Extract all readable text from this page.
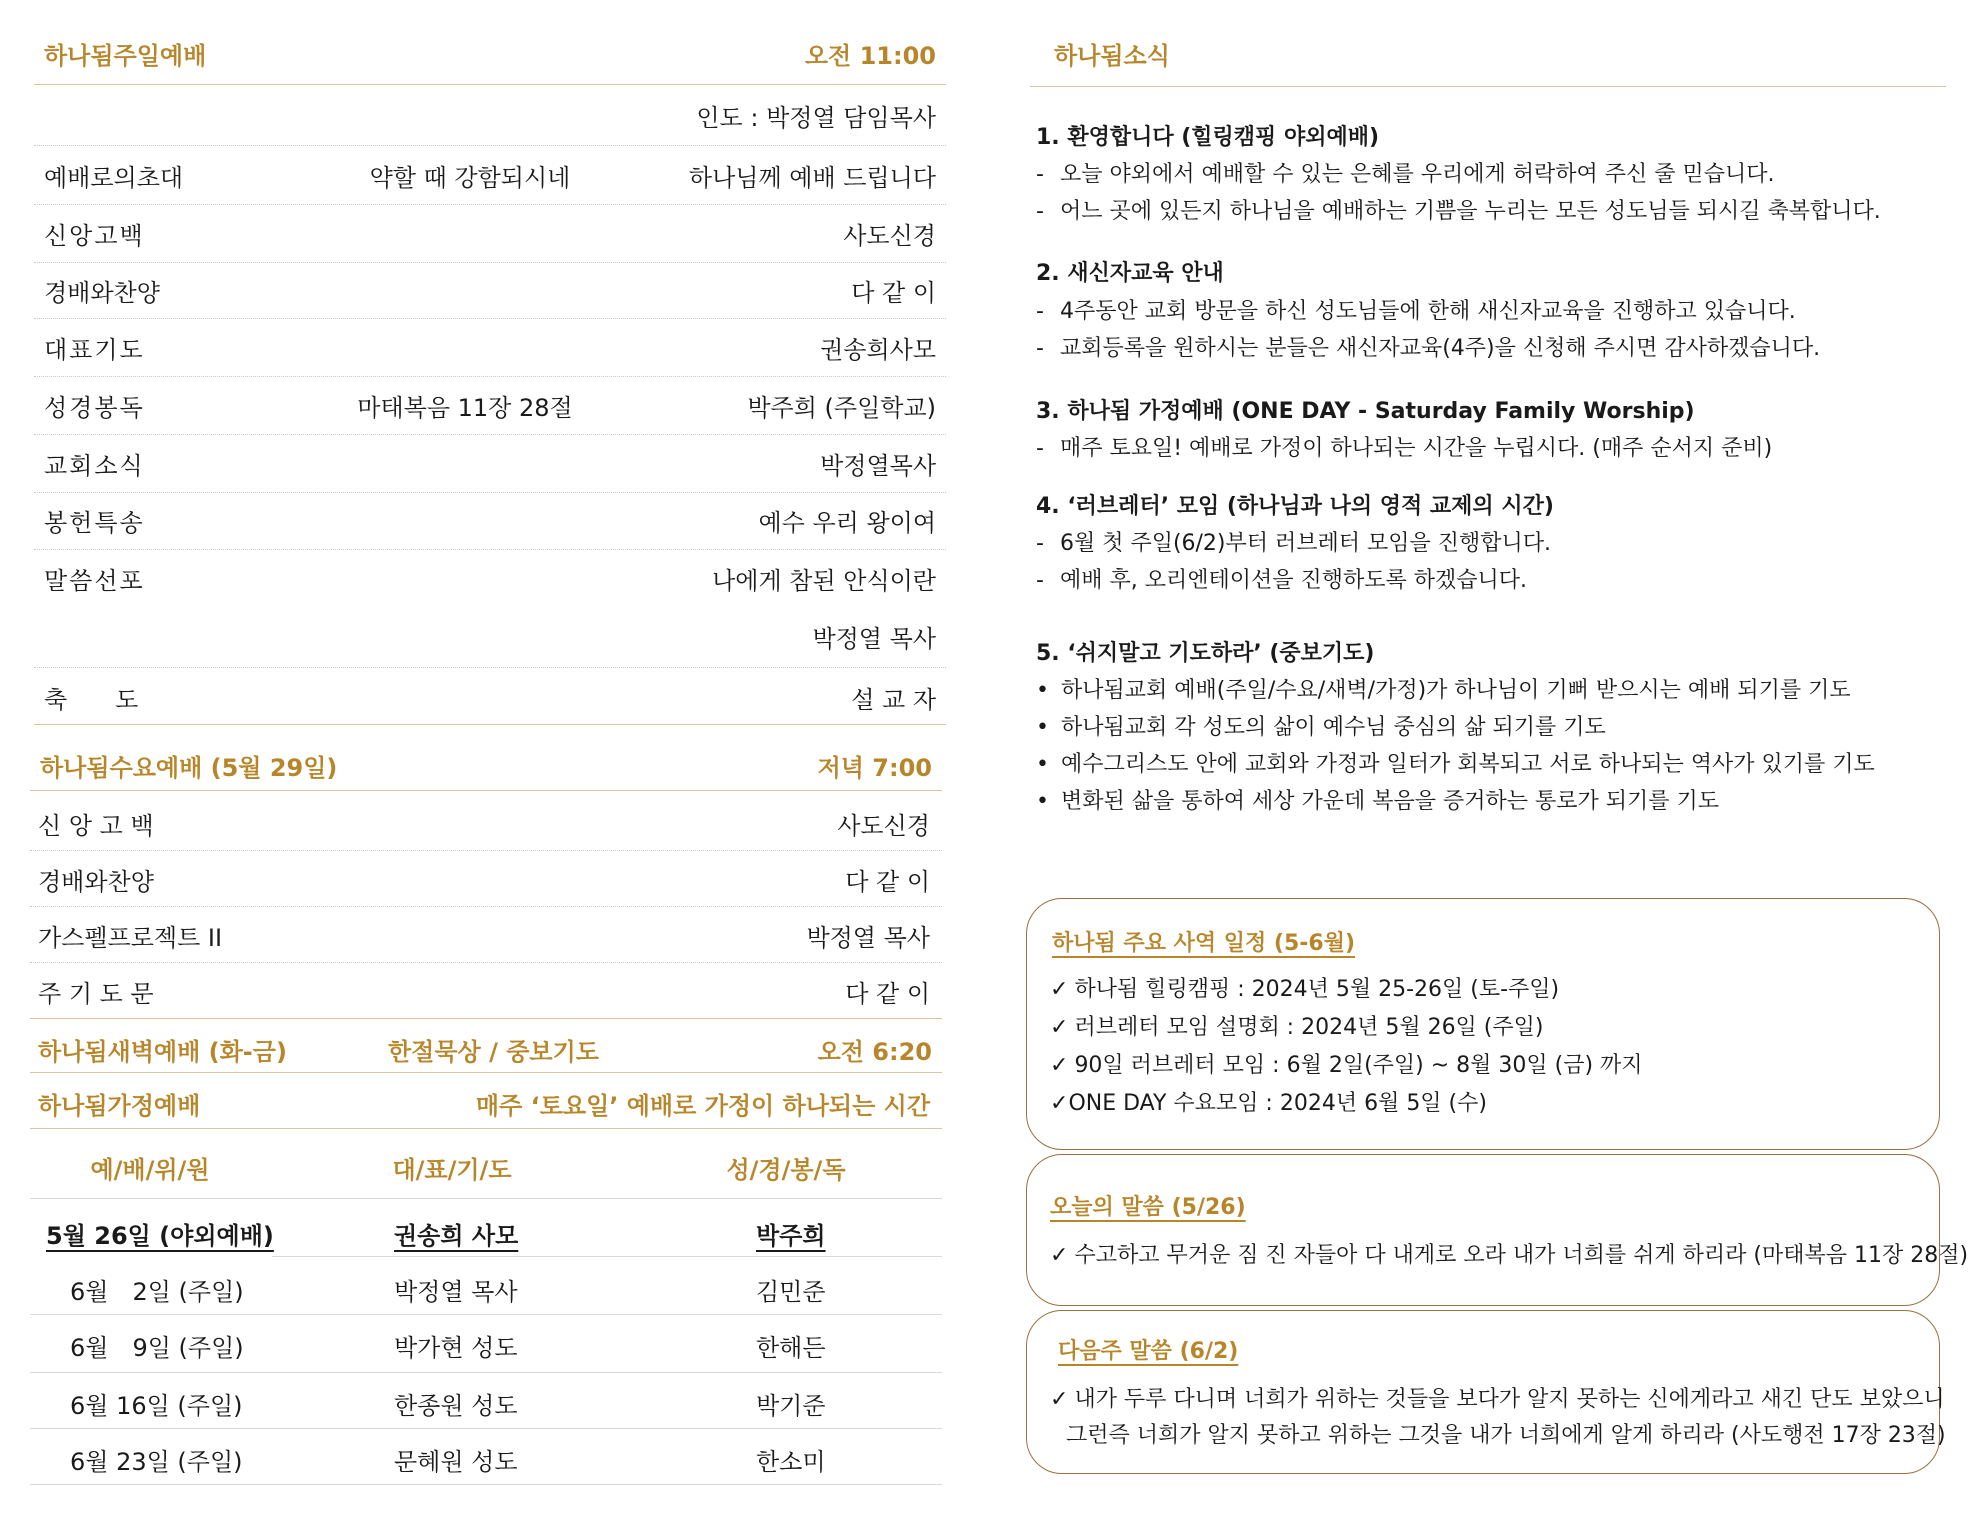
하나됨주일예배	오전 11:00
인도 : 박정열 담임목사
예배로의초대	약할 때 강함되시네	하나님께 예배 드립니다
신앙고백	사도신경
경배와찬양	다 같 이
대표기도	권송희사모
성경봉독	마태복음 11장 28절	박주희 (주일학교)
교회소식	박정열목사
봉헌특송	예수 우리 왕이여
말씀선포	나에게 참된 안식이란
박정열 목사
축　　도	설 교 자
하나됨수요예배 (5월 29일)	저녁 7:00
신 앙 고 백	사도신경
경배와찬양	다 같 이
가스펠프로젝트 II	박정열 목사
주 기 도 문	다 같 이
하나됨새벽예배 (화-금)	한절묵상 / 중보기도	오전 6:20
하나됨가정예배	매주 ‘토요일’ 예배로 가정이 하나되는 시간
예/배/위/원	대/표/기/도	성/경/봉/독
5월 26일 (야외예배)	권송희 사모	박주희
6월　2일 (주일)	박정열 목사	김민준
6월　9일 (주일)	박가현 성도	한해든
6월 16일 (주일)	한종원 성도	박기준
6월 23일 (주일)	문혜원 성도	한소미
하나됨소식
1. 환영합니다 (힐링캠핑 야외예배)
- 오늘 야외에서 예배할 수 있는 은혜를 우리에게 허락하여 주신 줄 믿습니다.
- 어느 곳에 있든지 하나님을 예배하는 기쁨을 누리는 모든 성도님들 되시길 축복합니다.
2. 새신자교육 안내
- 4주동안 교회 방문을 하신 성도님들에 한해 새신자교육을 진행하고 있습니다.
- 교회등록을 원하시는 분들은 새신자교육(4주)을 신청해 주시면 감사하겠습니다.
3. 하나됨 가정예배 (ONE DAY - Saturday Family Worship)
- 매주 토요일! 예배로 가정이 하나되는 시간을 누립시다. (매주 순서지 준비)
4. ‘러브레터’ 모임 (하나님과 나의 영적 교제의 시간)
- 6월 첫 주일(6/2)부터 러브레터 모임을 진행합니다.
- 예배 후, 오리엔테이션을 진행하도록 하겠습니다.
5. ‘쉬지말고 기도하라’ (중보기도)
• 하나됨교회 예배(주일/수요/새벽/가정)가 하나님이 기뻐 받으시는 예배 되기를 기도
• 하나됨교회 각 성도의 삶이 예수님 중심의 삶 되기를 기도
• 예수그리스도 안에 교회와 가정과 일터가 회복되고 서로 하나되는 역사가 있기를 기도
• 변화된 삶을 통하여 세상 가운데 복음을 증거하는 통로가 되기를 기도
하나됨 주요 사역 일정 (5-6월)
✓ 하나됨 힐링캠핑 : 2024년 5월 25-26일 (토-주일)
✓ 러브레터 모임 설명회 : 2024년 5월 26일 (주일)
✓ 90일 러브레터 모임 : 6월 2일(주일) ~ 8월 30일 (금) 까지
✓ONE DAY 수요모임 : 2024년 6월 5일 (수)
오늘의 말씀 (5/26)
✓ 수고하고 무거운 짐 진 자들아 다 내게로 오라 내가 너희를 쉬게 하리라 (마태복음 11장 28절)
다음주 말씀 (6/2)
✓ 내가 두루 다니며 너희가 위하는 것들을 보다가 알지 못하는 신에게라고 새긴 단도 보았으니
그런즉 너희가 알지 못하고 위하는 그것을 내가 너희에게 알게 하리라 (사도행전 17장 23절)
